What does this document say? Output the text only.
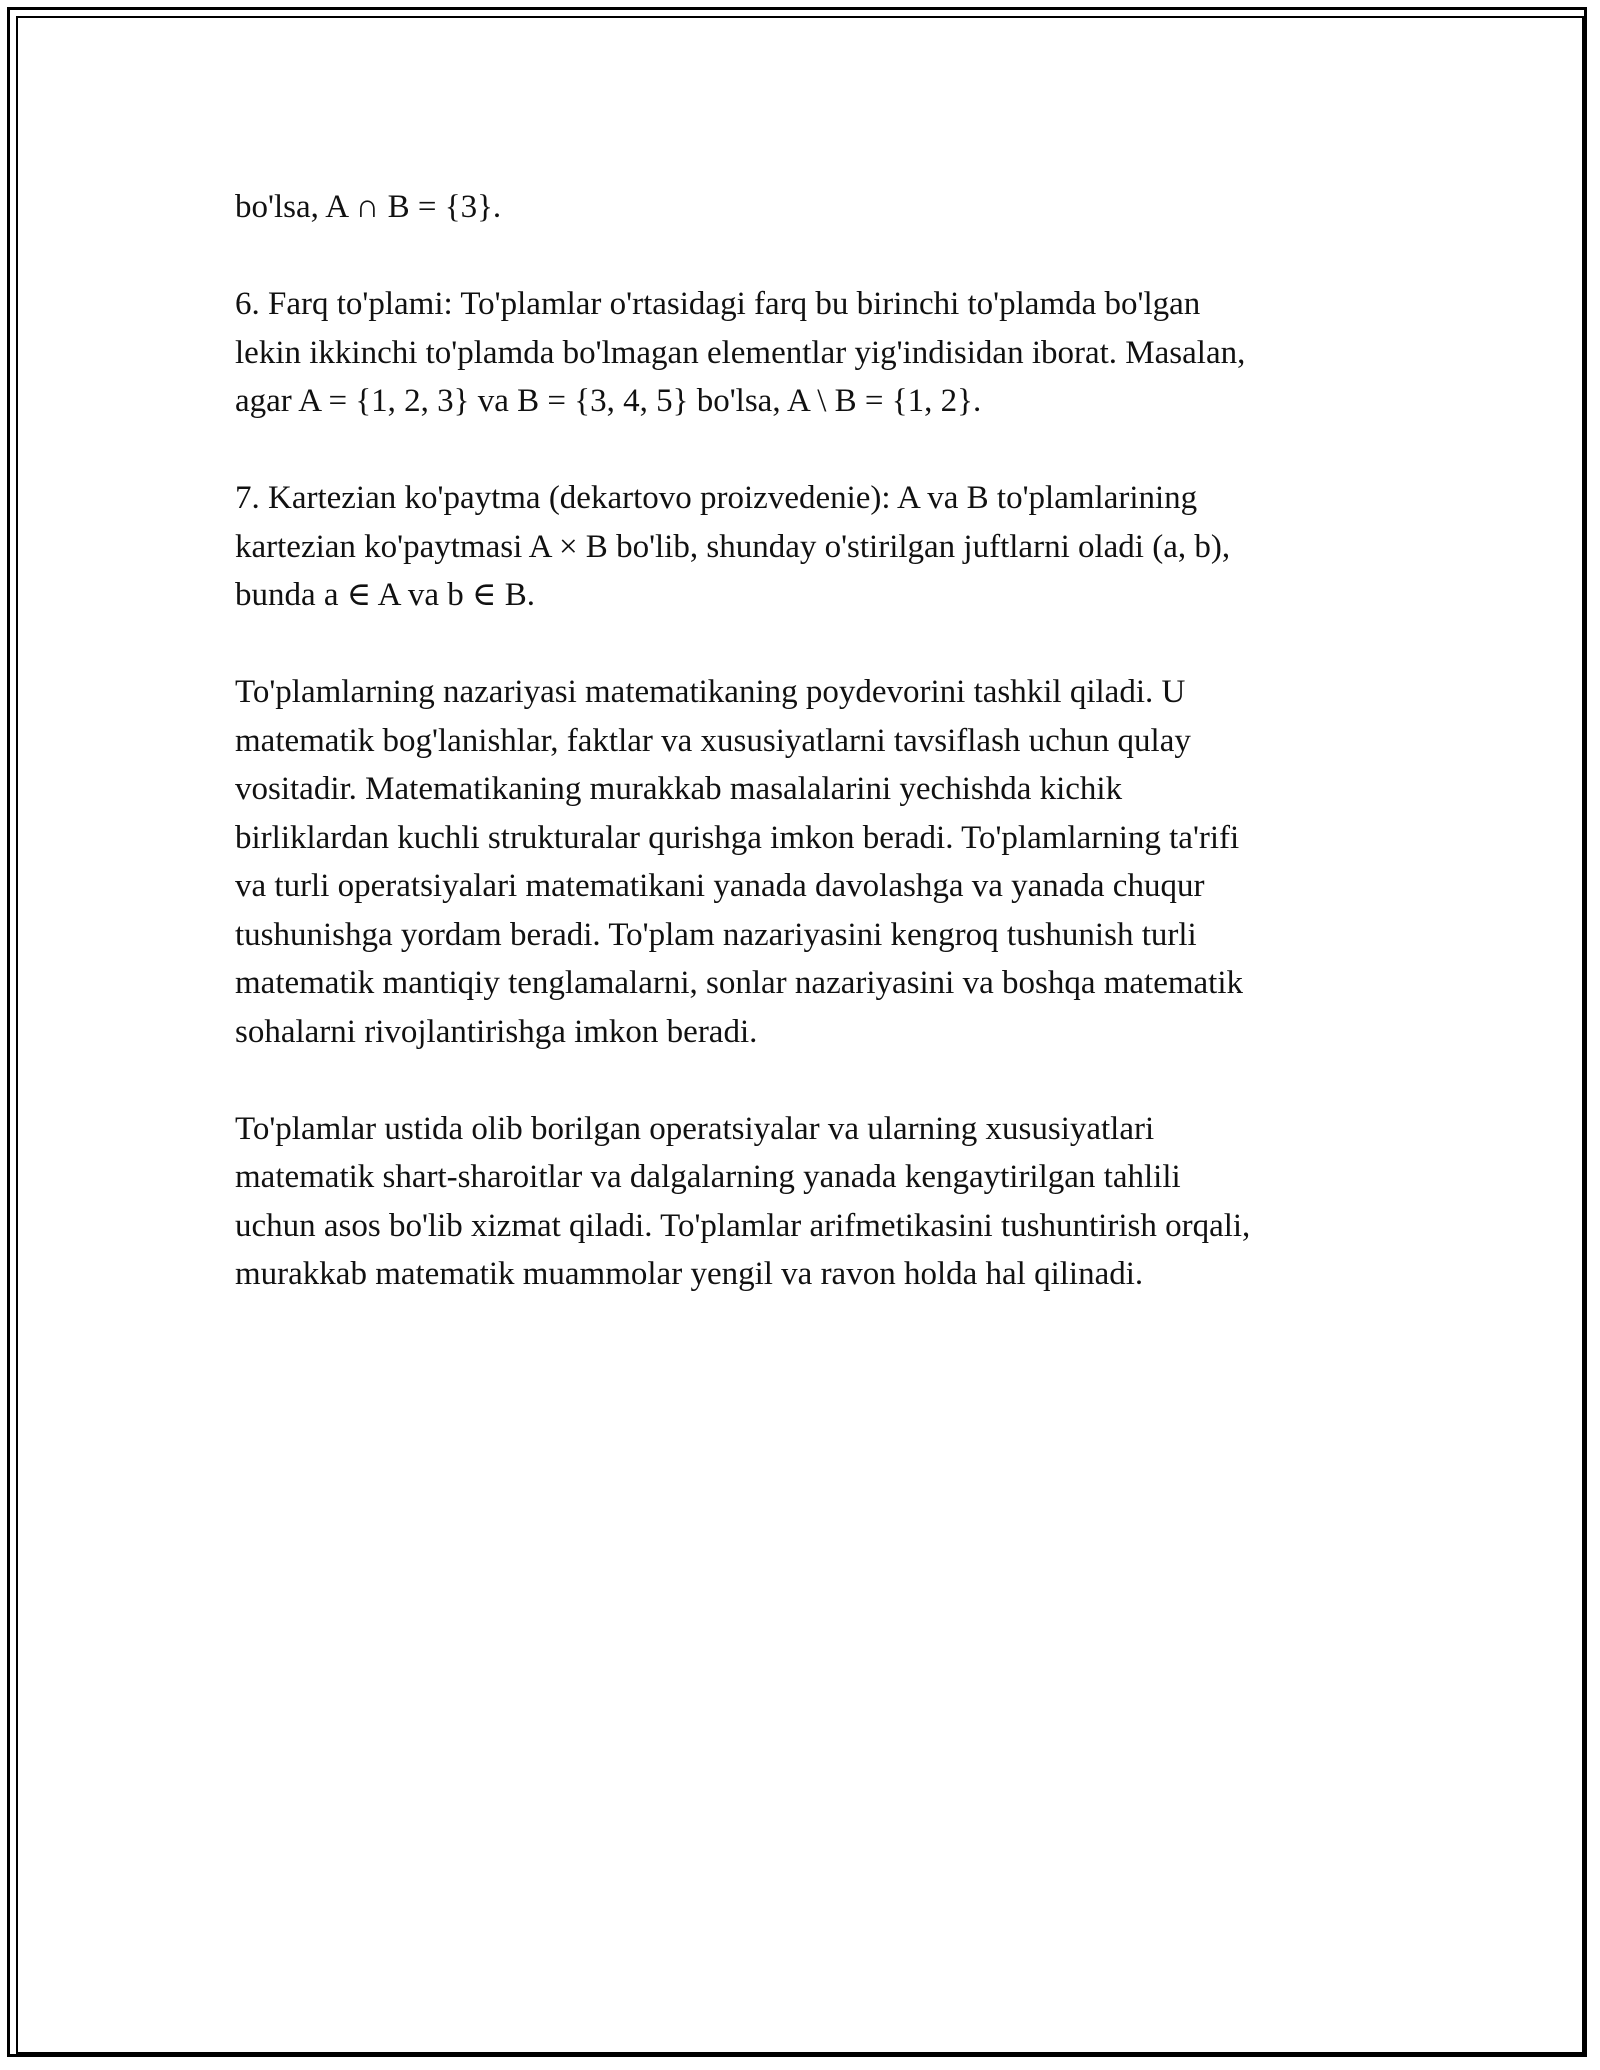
bo'lsa, A ∩ B = {3}.

6. Farq to'plami: To'plamlar o'rtasidagi farq bu birinchi to'plamda bo'lgan
lekin ikkinchi to'plamda bo'lmagan elementlar yig'indisidan iborat. Masalan,
agar A = {1, 2, 3} va B = {3, 4, 5} bo'lsa, A \ B = {1, 2}.

7. Kartezian ko'paytma (dekartovo proizvedenie): A va B to'plamlarining
kartezian ko'paytmasi A × B bo'lib, shunday o'stirilgan juftlarni oladi (a, b),
bunda a ∈ A va b ∈ B.

To'plamlarning nazariyasi matematikaning poydevorini tashkil qiladi. U
matematik bog'lanishlar, faktlar va xususiyatlarni tavsiflash uchun qulay
vositadir. Matematikaning murakkab masalalarini yechishda kichik
birliklardan kuchli strukturalar qurishga imkon beradi. To'plamlarning ta'rifi
va turli operatsiyalari matematikani yanada davolashga va yanada chuqur
tushunishga yordam beradi. To'plam nazariyasini kengroq tushunish turli
matematik mantiqiy tenglamalarni, sonlar nazariyasini va boshqa matematik
sohalarni rivojlantirishga imkon beradi.

To'plamlar ustida olib borilgan operatsiyalar va ularning xususiyatlari
matematik shart-sharoitlar va dalgalarning yanada kengaytirilgan tahlili
uchun asos bo'lib xizmat qiladi. To'plamlar arifmetikasini tushuntirish orqali,
murakkab matematik muammolar yengil va ravon holda hal qilinadi.
